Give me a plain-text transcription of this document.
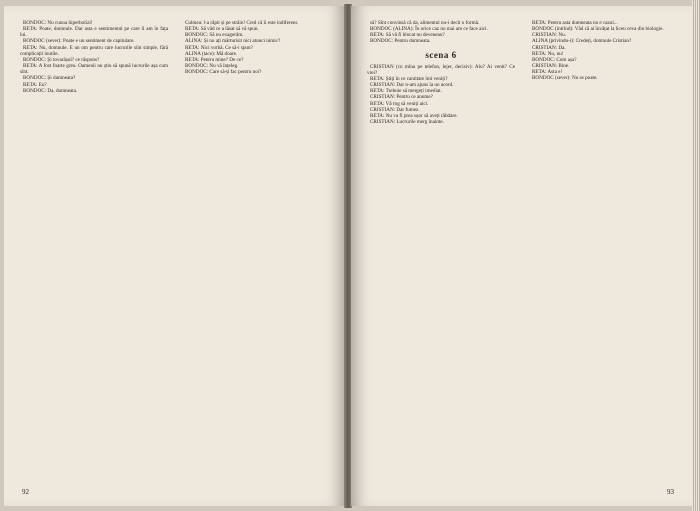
BONDOC: Nu cunoa hiperbolizi!

RETA: Poate, domnule. Dar asta e sentimentul pe care îl am în fața lui.

BONDOC (sever): Poate e un sentiment de capitulare.

RETA: Nu, domnule. E un om pentru care lucrurile sînt simple, fără complicații inutile.

BONDOC: Și tovarășul? ce răspuns?

RETA: A fost foarte greu. Oamenii nu știu să spună lucrurile așa cum sînt.

BONDOC: Și dumneata?

RETA: Eu?

BONDOC: Da, dumneata.

Culmea: l-a răpit și pe străin! Cred că îi este indiferent.

RETA: Să văd ce a lăsat să vă spun.

BONDOC: Să nu exagerăm.

ALINA: Și nu ați mărturisit nici atunci nimic?

RETA: Nici vorbă. Ce să-i spun?

ALINA (tace): Mă doare.

RETA: Pentru mine? De ce?

BONDOC: Nu vă înțeleg.

BONDOC: Care să-ți fac pentru noi?

92

să? Sînt convinsă că da, alimentul nu-i decît o formă.

BONDOC (ALINA): În orice caz nu mai am ce face aici.

RETA: Să vă fi blocat nu deveneau?

BONDOC: Pentru dumneata.

scena 6

CRISTIAN (cu mîna pe telefon, lejer, decisiv): Alo? Ai venit? Ce vrei?

RETA: Știți în ce cantitate îmi veniți?

CRISTIAN: Dar n-am ajuns la un acord.

RETA: Trebuie să mergeți imediat.

CRISTIAN: Pentru ce anume?

RETA: Vă rog să veniți aici.

CRISTIAN: Dar fumez.

RETA: Nu va fi prea ușor să aveți răbdare.

CRISTIAN: Lucrurile merg înainte.

RETA: Pentru asta dumneata nu e cazul...

BONDOC (intrînd): Văd că ai învățat la liceu ceva din biologie.

CRISTIAN: Nu.

ALINA (privindu-i): Credeți, domnule Cristian?

CRISTIAN: Da.

RETA: Nu, nu!

BONDOC: Cum așa?

CRISTIAN: Bine.

RETA: Asta e!

BONDOC (sever): Nu se poate.

93
